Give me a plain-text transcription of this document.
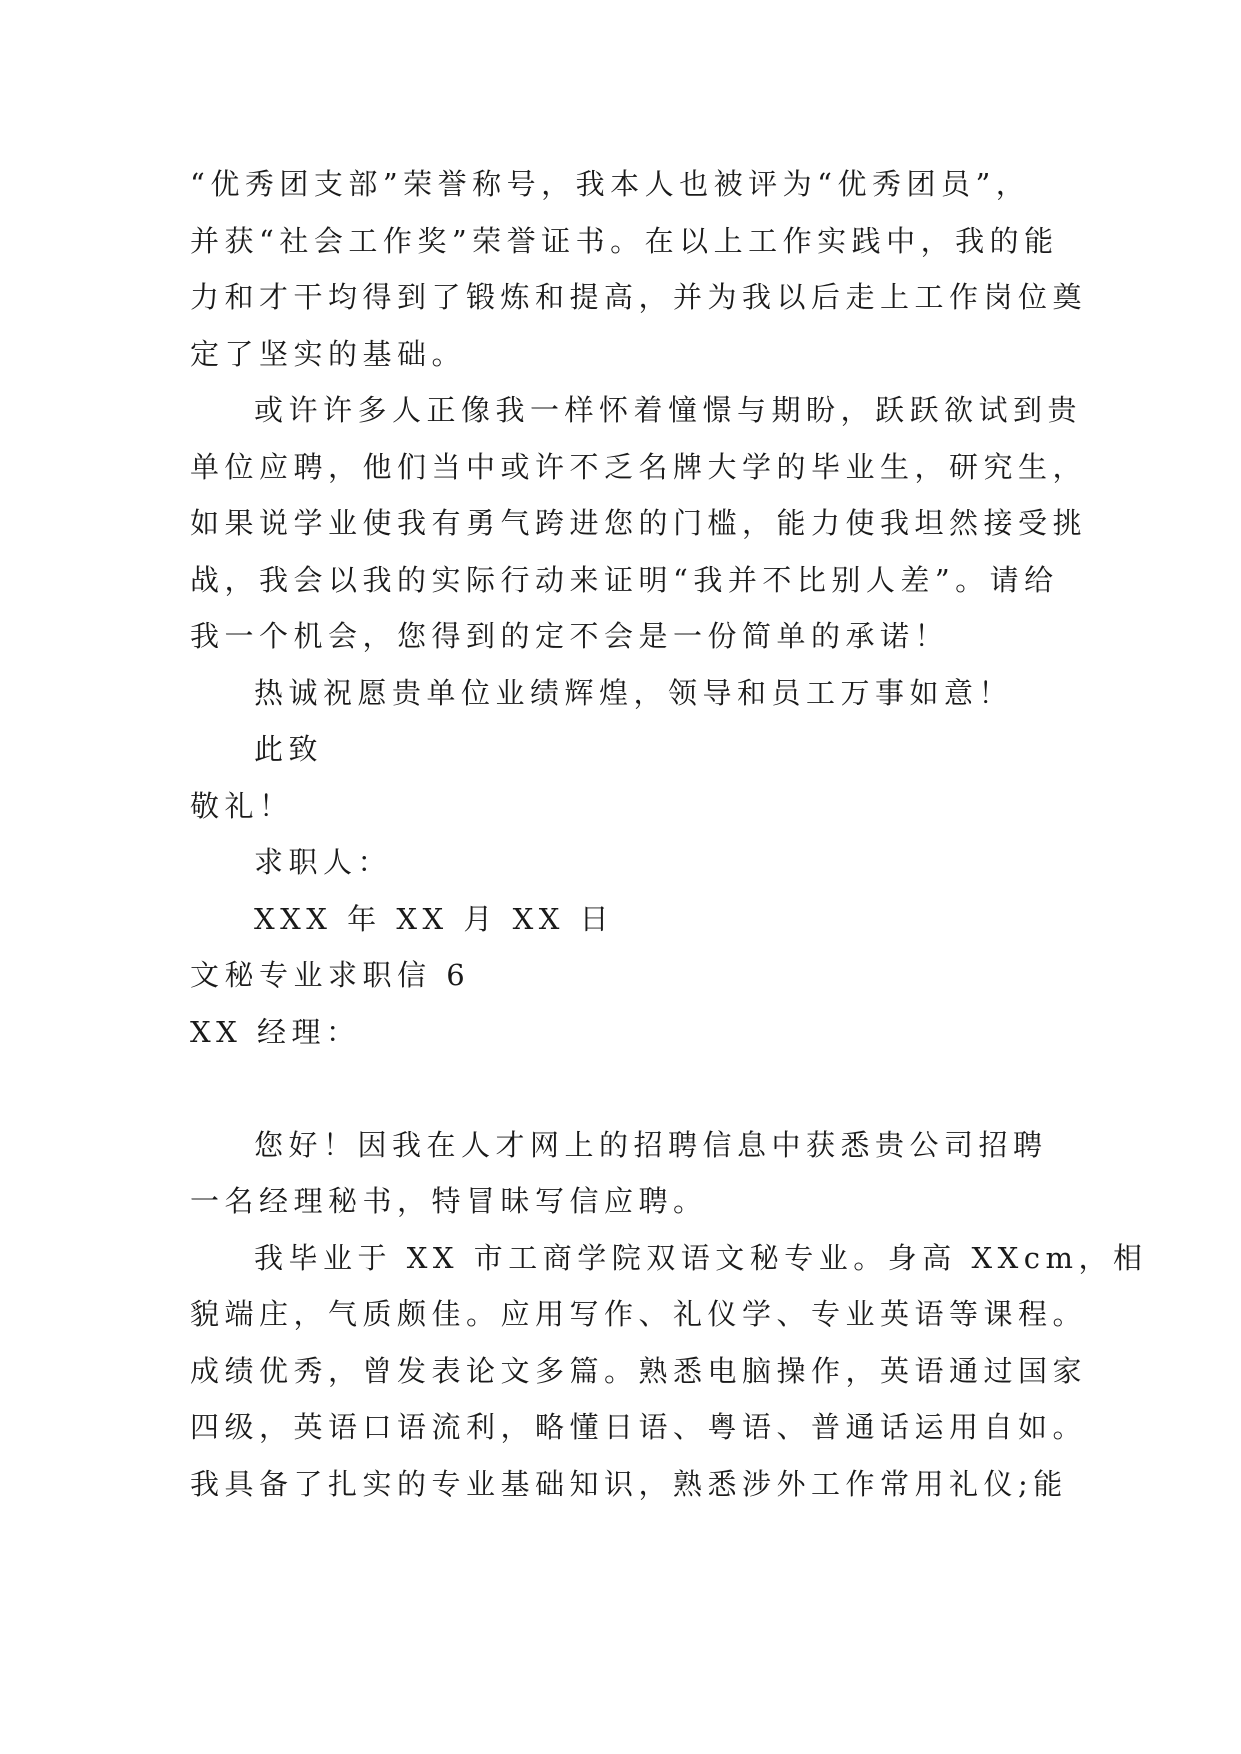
“优秀团支部”荣誉称号，我本人也被评为“优秀团员”，
并获“社会工作奖”荣誉证书。在以上工作实践中，我的能
力和才干均得到了锻炼和提高，并为我以后走上工作岗位奠
定了坚实的基础。
或许许多人正像我一样怀着憧憬与期盼，跃跃欲试到贵
单位应聘，他们当中或许不乏名牌大学的毕业生，研究生，
如果说学业使我有勇气跨进您的门槛，能力使我坦然接受挑
战，我会以我的实际行动来证明“我并不比别人差”。请给
我一个机会，您得到的定不会是一份简单的承诺！
热诚祝愿贵单位业绩辉煌，领导和员工万事如意！
此致
敬礼！
求职人：
XXX 年 XX 月 XX 日
文秘专业求职信 6
XX 经理：
您好！因我在人才网上的招聘信息中获悉贵公司招聘
一名经理秘书，特冒昧写信应聘。
我毕业于 XX 市工商学院双语文秘专业。身高 XXcm，相
貌端庄，气质颇佳。应用写作、礼仪学、专业英语等课程。
成绩优秀，曾发表论文多篇。熟悉电脑操作，英语通过国家
四级，英语口语流利，略懂日语、粤语、普通话运用自如。
我具备了扎实的专业基础知识，熟悉涉外工作常用礼仪;能
